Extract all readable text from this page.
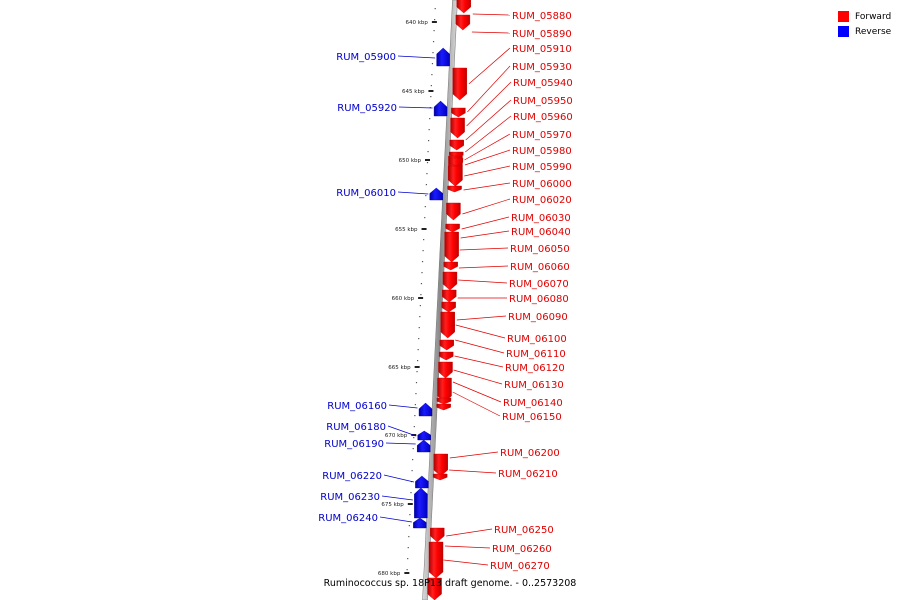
640 kbp
645 kbp
650 kbp
655 kbp
660 kbp
665 kbp
670 kbp
675 kbp
680 kbp
RUM_05880
RUM_05890
RUM_05910
RUM_05930
RUM_05940
RUM_05950
RUM_05960
RUM_05970
RUM_05980
RUM_05990
RUM_06000
RUM_06020
RUM_06030
RUM_06040
RUM_06050
RUM_06060
RUM_06070
RUM_06080
RUM_06090
RUM_06100
RUM_06110
RUM_06120
RUM_06130
RUM_06140
RUM_06150
RUM_06200
RUM_06210
RUM_06250
RUM_06260
RUM_06270
RUM_05900
RUM_05920
RUM_06010
RUM_06160
RUM_06180
RUM_06190
RUM_06220
RUM_06230
RUM_06240
Forward
Reverse
Ruminococcus sp. 18P13 draft genome. - 0..2573208
